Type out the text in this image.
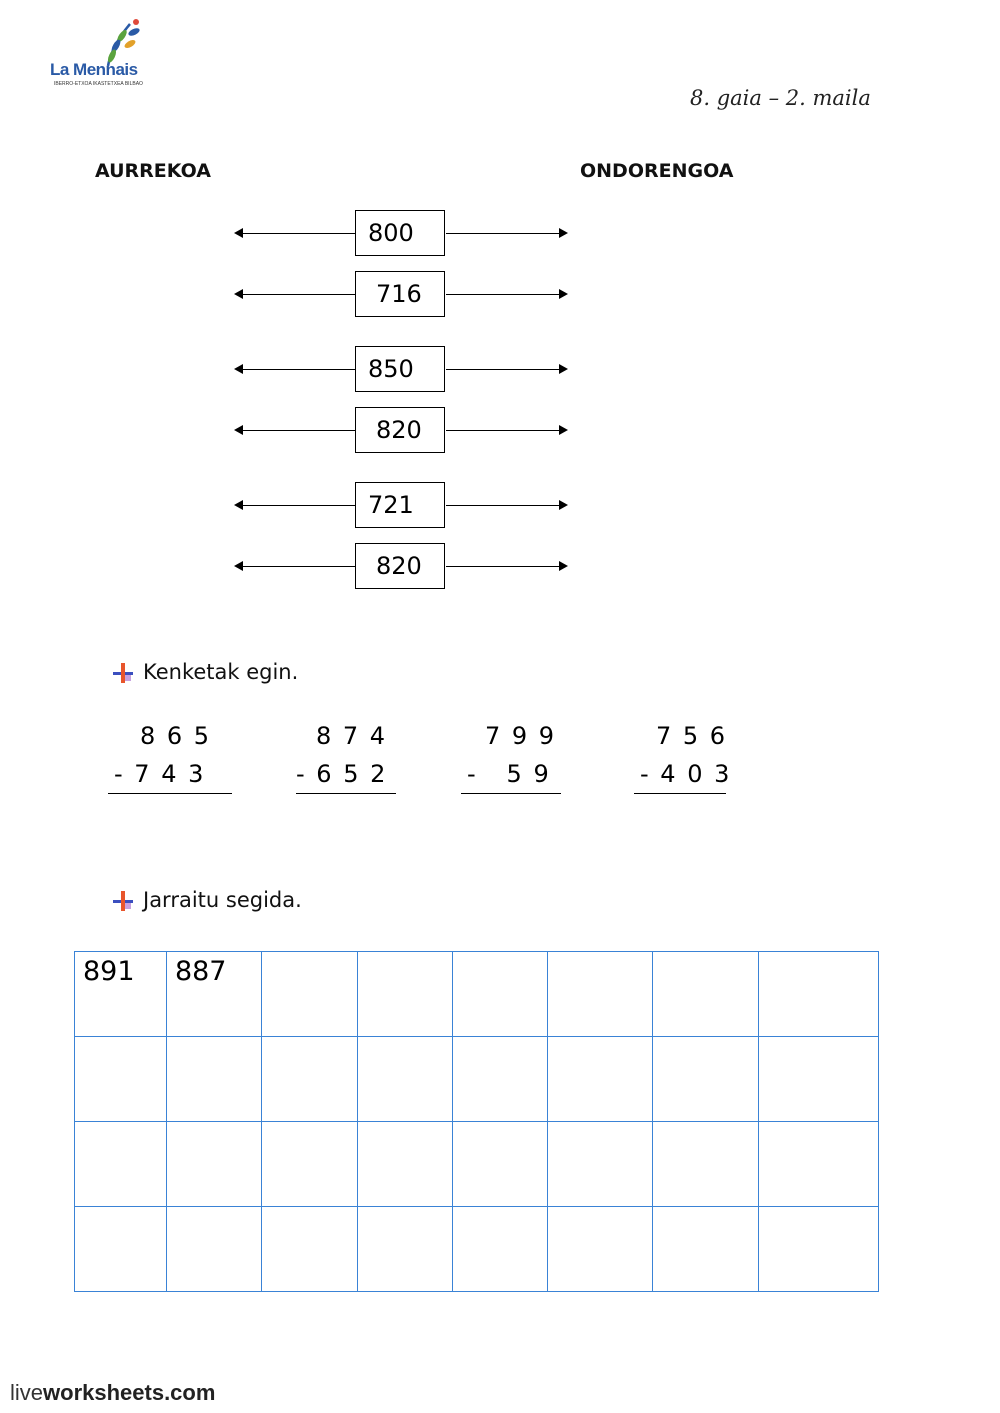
La Mennais
IBERRO-ETXOA IKASTETXEA BILBAO
8. gaia – 2. maila
AURREKOA	ONDORENGOA
800
716
850
820
721
820
Kenketak egin.
8 6 5
- 7 4 3
8 7 4
- 6 5 2
7 9 9
-   5 9
7 5 6
- 4 0 3
Jarraitu segida.
891	887						

liveworksheets.com
